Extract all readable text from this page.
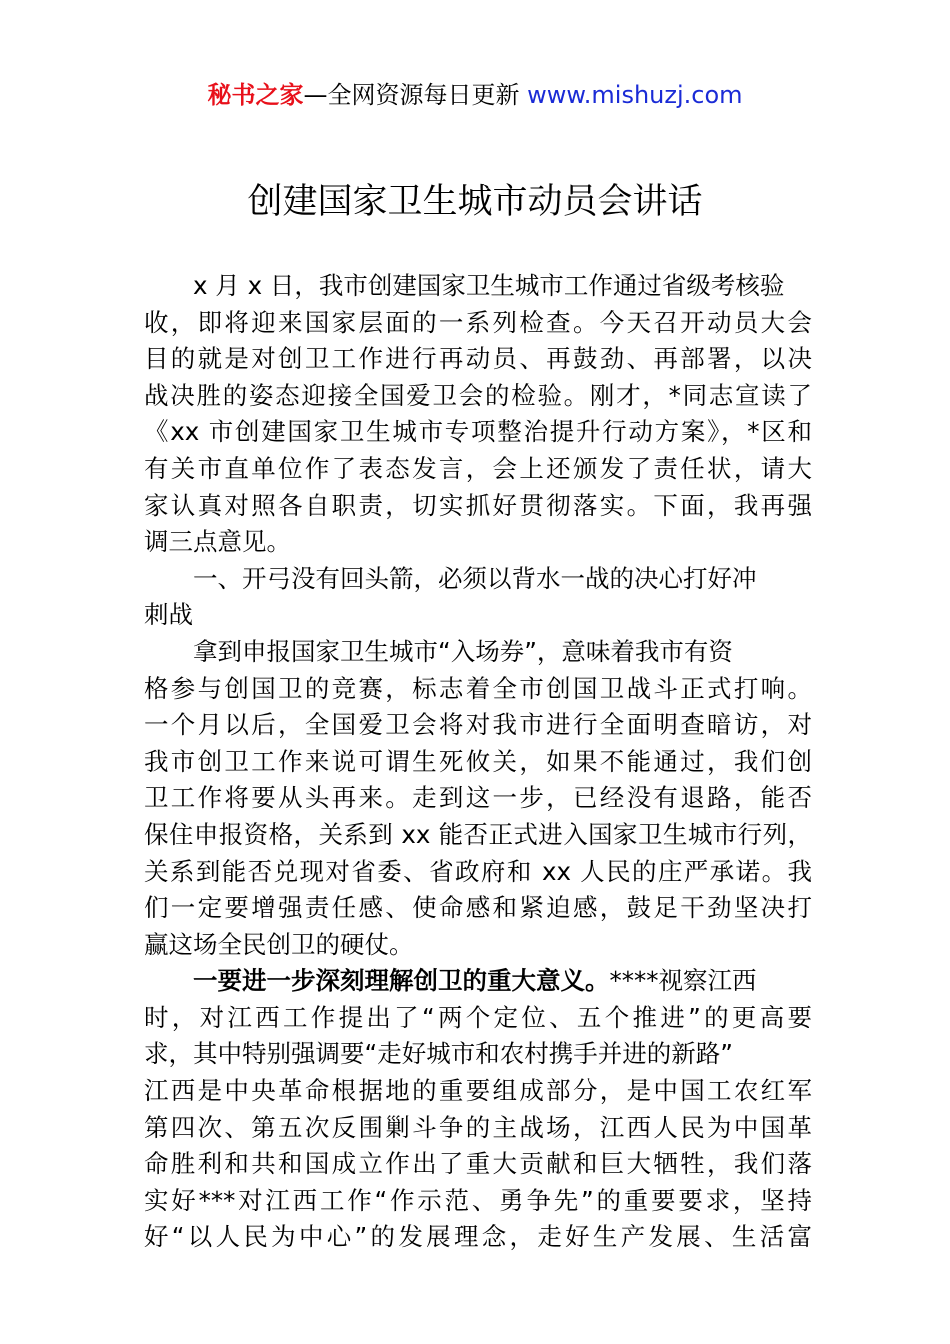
秘书之家—全网资源每日更新 www.mishuzj.com
创建国家卫生城市动员会讲话
x 月 x 日，我市创建国家卫生城市工作通过省级考核验
收，即将迎来国家层面的一系列检查。今天召开动员大会
目的就是对创卫工作进行再动员、再鼓劲、再部署，以决
战决胜的姿态迎接全国爱卫会的检验。刚才，*同志宣读了
《xx 市创建国家卫生城市专项整治提升行动方案》，*区和
有关市直单位作了表态发言，会上还颁发了责任状，请大
家认真对照各自职责，切实抓好贯彻落实。下面，我再强
调三点意见。
一、开弓没有回头箭，必须以背水一战的决心打好冲
刺战
拿到申报国家卫生城市“入场券”，意味着我市有资
格参与创国卫的竞赛，标志着全市创国卫战斗正式打响。
一个月以后，全国爱卫会将对我市进行全面明查暗访，对
我市创卫工作来说可谓生死攸关，如果不能通过，我们创
卫工作将要从头再来。走到这一步，已经没有退路，能否
保住申报资格，关系到 xx 能否正式进入国家卫生城市行列，
关系到能否兑现对省委、省政府和 xx 人民的庄严承诺。我
们一定要增强责任感、使命感和紧迫感，鼓足干劲坚决打
赢这场全民创卫的硬仗。
一要进一步深刻理解创卫的重大意义。****视察江西
时，对江西工作提出了“两个定位、五个推进”的更高要
求，其中特别强调要“走好城市和农村携手并进的新路”
江西是中央革命根据地的重要组成部分，是中国工农红军
第四次、第五次反围剿斗争的主战场，江西人民为中国革
命胜利和共和国成立作出了重大贡献和巨大牺牲，我们落
实好***对江西工作“作示范、勇争先”的重要要求，坚持
好“以人民为中心”的发展理念，走好生产发展、生活富
